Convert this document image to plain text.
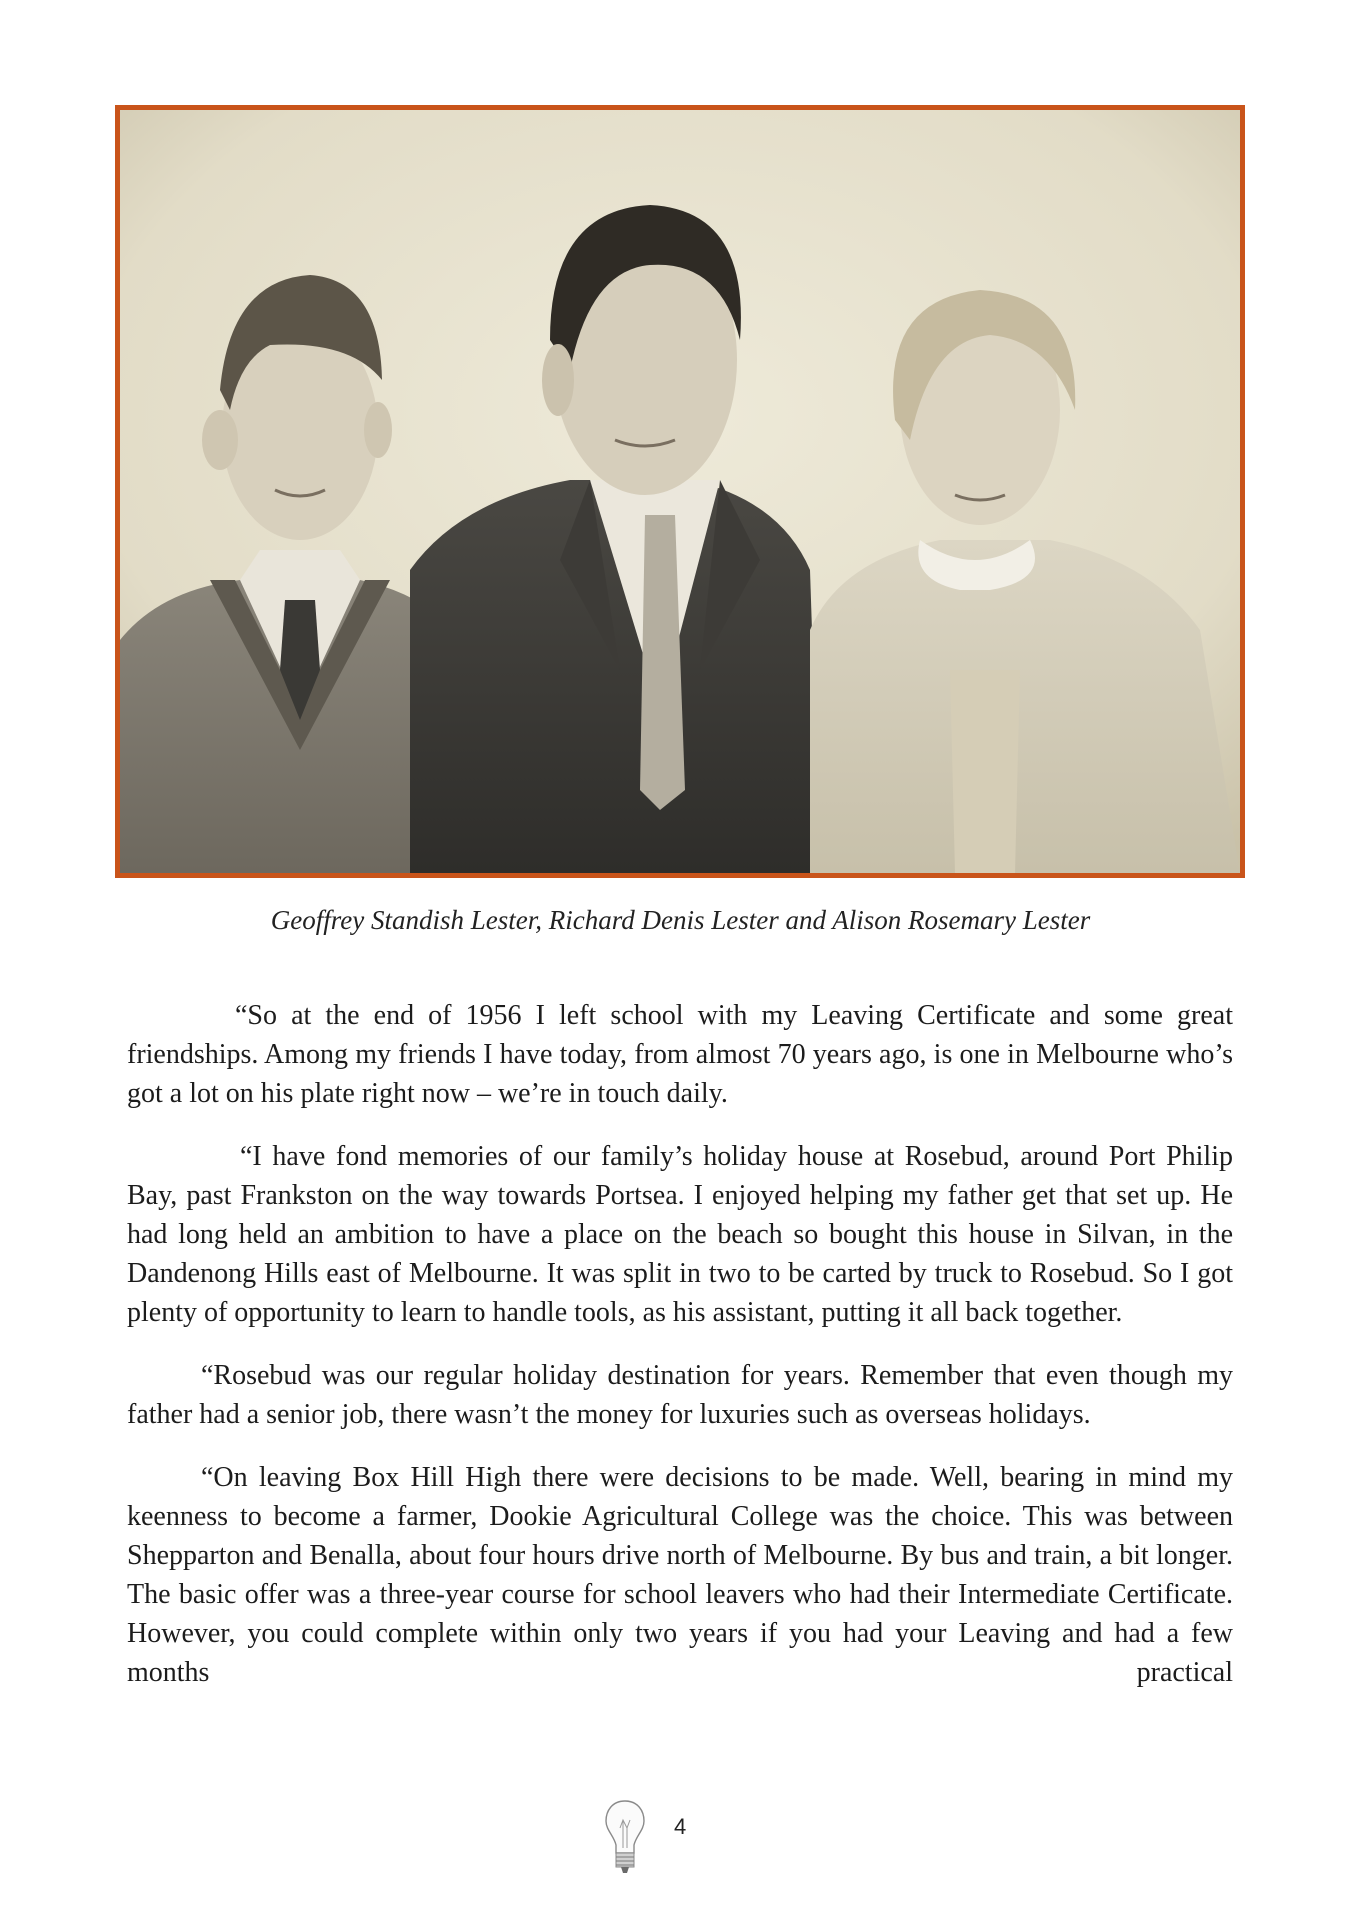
Geoffrey Standish Lester, Richard Denis Lester and Alison Rosemary Lester

“So at the end of 1956 I left school with my Leaving Certificate and some great friendships. Among my friends I have today, from almost 70 years ago, is one in Melbourne who’s got a lot on his plate right now – we’re in touch daily.

“I have fond memories of our family’s holiday house at Rosebud, around Port Philip Bay, past Frankston on the way towards Portsea. I enjoyed helping my father get that set up. He had long held an ambition to have a place on the beach so bought this house in Silvan, in the Dandenong Hills east of Melbourne. It was split in two to be carted by truck to Rosebud. So I got plenty of opportunity to learn to handle tools, as his assistant, putting it all back together.

“Rosebud was our regular holiday destination for years. Remember that even though my father had a senior job, there wasn’t the money for luxuries such as overseas holidays.

“On leaving Box Hill High there were decisions to be made. Well, bearing in mind my keenness to become a farmer, Dookie Agricultural College was the choice. This was between Shepparton and Benalla, about four hours drive north of Melbourne. By bus and train, a bit longer. The basic offer was a three-year course for school leavers who had their Intermediate Certificate. However, you could complete within only two years if you had your Leaving and had a few months practical

4
